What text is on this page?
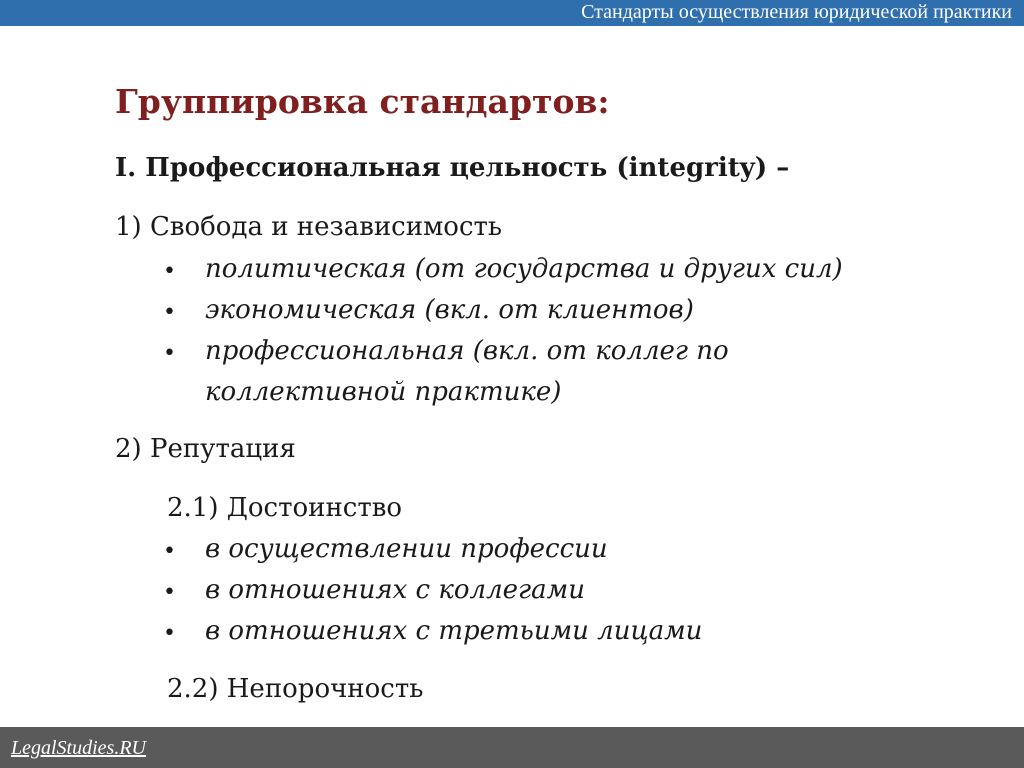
Стандарты осуществления юридической практики
Группировка стандартов:
I. Профессиональная цельность (integrity) –
1) Свобода и независимость
• политическая (от государства и других сил)
• экономическая (вкл. от клиентов)
• профессиональная (вкл. от коллег по
коллективной практике)
2) Репутация
2.1) Достоинство
• в осуществлении профессии
• в отношениях с коллегами
• в отношениях с третьими лицами
2.2) Непорочность
LegalStudies.RU
